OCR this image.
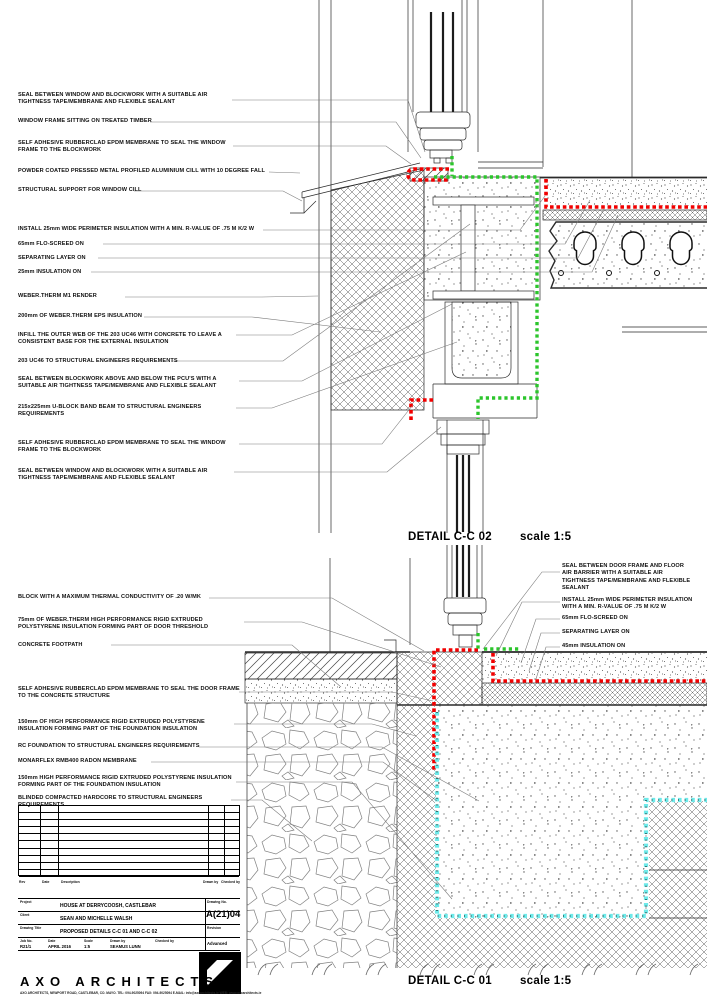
SEAL BETWEEN WINDOW AND BLOCKWORK WITH A SUITABLE AIR TIGHTNESS TAPE/MEMBRANE AND FLEXIBLE SEALANT
WINDOW FRAME SITTING ON TREATED TIMBER
SELF ADHESIVE RUBBERCLAD EPDM MEMBRANE TO SEAL THE WINDOW FRAME TO THE BLOCKWORK
POWDER COATED PRESSED METAL PROFILED ALUMINIUM CILL WITH 10 DEGREE FALL
STRUCTURAL SUPPORT FOR WINDOW CILL
INSTALL 25mm WIDE PERIMETER INSULATION WITH A MIN. R-VALUE OF .75 M K/2 W
65mm FLO-SCREED ON
SEPARATING LAYER ON
25mm INSULATION ON
WEBER.THERM M1 RENDER
200mm OF WEBER.THERM EPS INSULATION
INFILL THE OUTER WEB OF THE 203 UC46 WITH CONCRETE TO LEAVE A CONSISTENT BASE FOR THE EXTERNAL INSULATION
203 UC46 TO STRUCTURAL ENGINEERS REQUIREMENTS
SEAL BETWEEN BLOCKWORK ABOVE AND BELOW THE PCU'S WITH A SUITABLE AIR TIGHTNESS TAPE/MEMBRANE AND FLEXIBLE SEALANT
215x225mm U-BLOCK BAND BEAM TO STRUCTURAL ENGINEERS REQUIREMENTS
SELF ADHESIVE RUBBERCLAD EPDM MEMBRANE TO SEAL THE WINDOW FRAME TO THE BLOCKWORK
SEAL BETWEEN WINDOW AND BLOCKWORK WITH A SUITABLE AIR TIGHTNESS TAPE/MEMBRANE AND FLEXIBLE SEALANT
BLOCK WITH A MAXIMUM THERMAL CONDUCTIVITY OF .20 W/MK
75mm OF WEBER.THERM HIGH PERFORMANCE RIGID EXTRUDED POLYSTYRENE INSULATION FORMING PART OF DOOR THRESHOLD
CONCRETE FOOTPATH
SELF ADHESIVE RUBBERCLAD EPDM MEMBRANE TO SEAL THE DOOR FRAME TO THE CONCRETE STRUCTURE
150mm OF HIGH PERFORMANCE RIGID EXTRUDED POLYSTYRENE INSULATION FORMING PART OF THE FOUNDATION INSULATION
RC FOUNDATION TO STRUCTURAL ENGINEERS REQUIREMENTS
MONARFLEX RMB400 RADON MEMBRANE
150mm HIGH PERFORMANCE RIGID EXTRUDED POLYSTYRENE INSULATION FORMING PART OF THE FOUNDATION INSULATION
BLINDED COMPACTED HARDCORE TO STRUCTURAL ENGINEERS REQUIREMENTS
SEAL BETWEEN DOOR FRAME AND FLOOR AIR BARRIER WITH A SUITABLE AIR TIGHTNESS TAPE/MEMBRANE AND FLEXIBLE SEALANT
INSTALL 25mm WIDE PERIMETER INSULATION WITH A MIN. R-VALUE OF .75 M K/2 W
65mm FLO-SCREED ON
SEPARATING LAYER ON
45mm INSULATION ON
DETAIL C-C 02 scale 1:5
DETAIL C-C 01 scale 1:5
Rev	Date	Description	Drawn by Checked by
Project
HOUSE AT DERRYCOOSH, CASTLEBAR
Client
SEAN AND MICHELLE WALSH
Drawing Title
PROPOSED DETAILS C-C 01 AND C-C 02
Drawing No.
A(21)04
Revision
Advanced
Job No.
R21/1
Date
APRIL 2016
Scale
1:5
Drawn by
SEAMUS LUNN
Checked by
AXO ARCHITECTS
AXO ARCHITECTS, NEWPORT ROAD, CASTLEBAR, CO. MAYO. TEL: 094-9025094 FAX: 094-9025094 E-MAIL: info@axoarchitects.ie WEB: www.axoarchitects.ie
